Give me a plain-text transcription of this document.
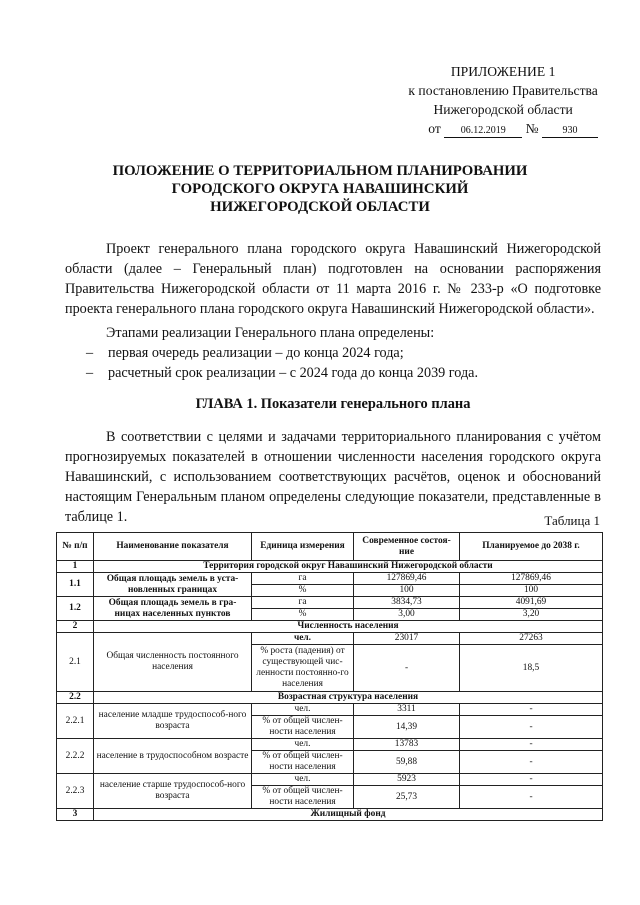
ПРИЛОЖЕНИЕ 1
к постановлению Правительства
Нижегородской области
от 06.12.2019 № 930
ПОЛОЖЕНИЕ О ТЕРРИТОРИАЛЬНОМ ПЛАНИРОВАНИИ
ГОРОДСКОГО ОКРУГА НАВАШИНСКИЙ
НИЖЕГОРОДСКОЙ ОБЛАСТИ

Проект генерального плана городского округа Навашинский Нижегородской области (далее – Генеральный план) подготовлен на основании распоряжения Правительства Нижегородской области от 11 марта 2016 г. № 233-р «О подготовке проекта генерального плана городского округа Навашинский Нижегородской области».

Этапами реализации Генерального плана определены:

– первая очередь реализации – до конца 2024 года;
– расчетный срок реализации – с 2024 года до конца 2039 года.
ГЛАВА 1. Показатели генерального плана

В соответствии с целями и задачами территориального планирования с учётом прогнозируемых показателей в отношении численности населения городского округа Навашинский, с использованием соответствующих расчётов, оценок и обоснований настоящим Генеральным планом определены следующие показатели, представленные в таблице 1.	Таблица 1
№ п/п	Наименование показателя	Единица измерения	Современное состоя-ние	Планируемое до 2038 г.
1	Территория городской округ Навашинский Нижегородской области			
1.1	Общая площадь земель в уста-новленных границах	га	127869,46	127869,46
		%	100	100
1.2	Общая площадь земель в гра-ницах населенных пунктов	га	3834,73	4091,69
		%	3,00	3,20
2	Численность населения			
2.1	Общая численность постоянного населения	чел.	23017	27263
		% роста (падения) от существующей чис-ленности постоянно-го населения	-	18,5
2.2	Возрастная структура населения			
2.2.1	население младше трудоспособ-ного возраста	чел.	3311	-
		% от общей числен-ности населения	14,39	-
2.2.2	население в трудоспособном возрасте	чел.	13783	-
		% от общей числен-ности населения	59,88	-
2.2.3	население старше трудоспособ-ного возраста	чел.	5923	-
		% от общей числен-ности населения	25,73	-
3	Жилищный фонд			
